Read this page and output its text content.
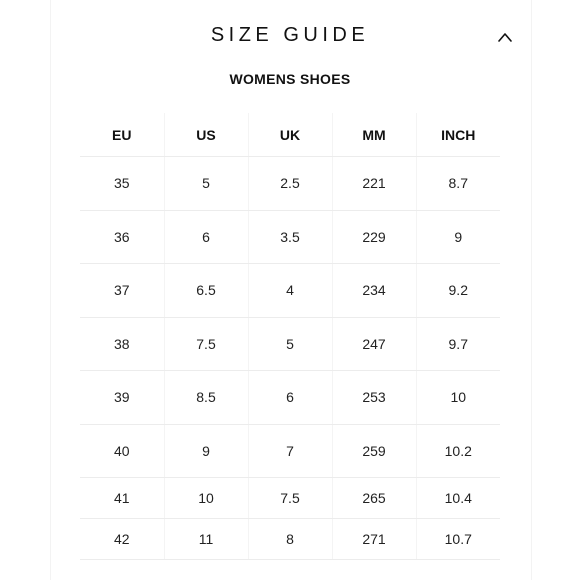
SIZE GUIDE
WOMENS SHOES
EU	US	UK	MM	INCH
35	5	2.5	221	8.7
36	6	3.5	229	9
37	6.5	4	234	9.2
38	7.5	5	247	9.7
39	8.5	6	253	10
40	9	7	259	10.2
41	10	7.5	265	10.4
42	11	8	271	10.7
